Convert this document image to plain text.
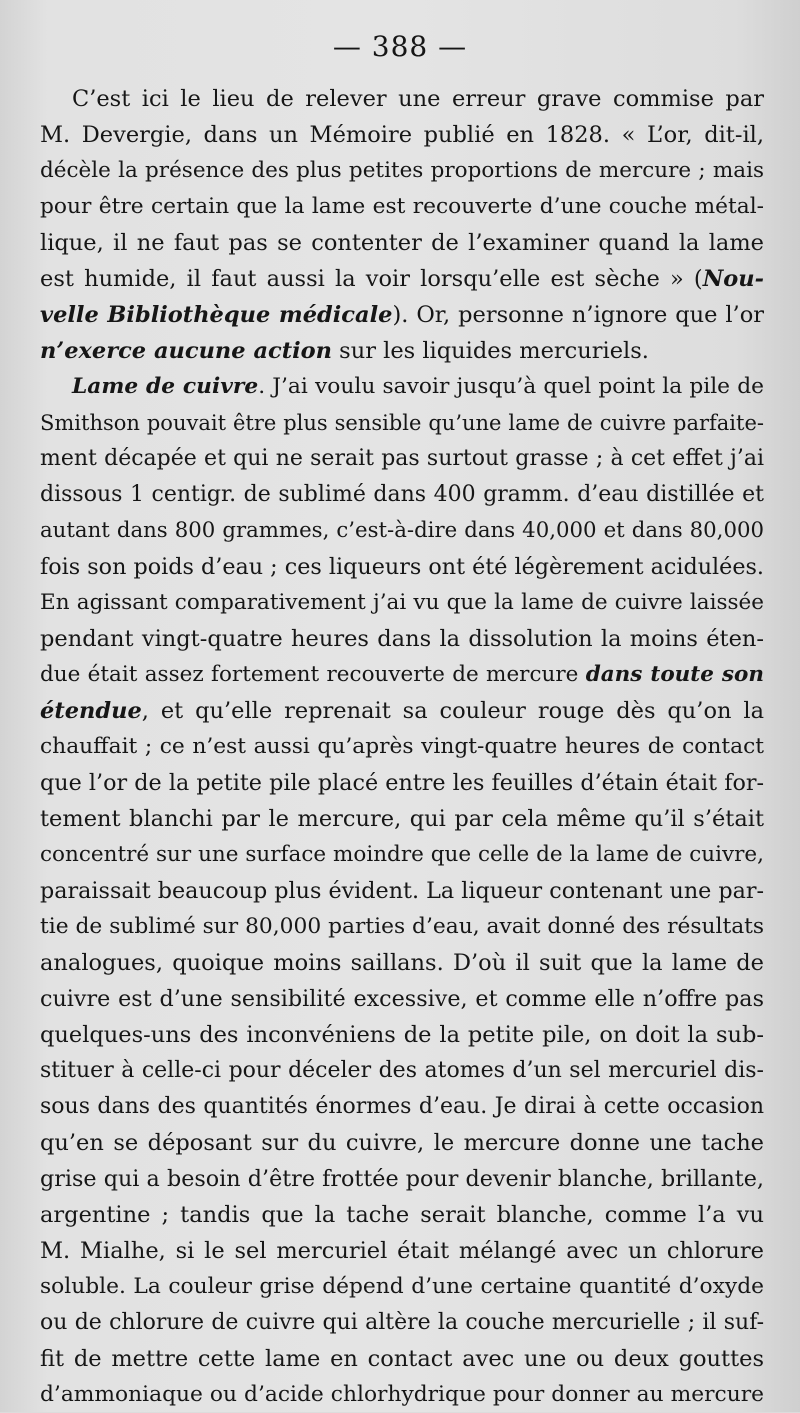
— 388 —
C’est ici le lieu de relever une erreur grave commise par
M. Devergie, dans un Mémoire publié en 1828. « L’or, dit-il,
décèle la présence des plus petites proportions de mercure ; mais
pour être certain que la lame est recouverte d’une couche métal-
lique, il ne faut pas se contenter de l’examiner quand la lame
est humide, il faut aussi la voir lorsqu’elle est sèche » (Nou-
velle Bibliothèque médicale). Or, personne n’ignore que l’or
n’exerce aucune action sur les liquides mercuriels.
Lame de cuivre. J’ai voulu savoir jusqu’à quel point la pile de
Smithson pouvait être plus sensible qu’une lame de cuivre parfaite-
ment décapée et qui ne serait pas surtout grasse ; à cet effet j’ai
dissous 1 centigr. de sublimé dans 400 gramm. d’eau distillée et
autant dans 800 grammes, c’est-à-dire dans 40,000 et dans 80,000
fois son poids d’eau ; ces liqueurs ont été légèrement acidulées.
En agissant comparativement j’ai vu que la lame de cuivre laissée
pendant vingt-quatre heures dans la dissolution la moins éten-
due était assez fortement recouverte de mercure dans toute son
étendue, et qu’elle reprenait sa couleur rouge dès qu’on la
chauffait ; ce n’est aussi qu’après vingt-quatre heures de contact
que l’or de la petite pile placé entre les feuilles d’étain était for-
tement blanchi par le mercure, qui par cela même qu’il s’était
concentré sur une surface moindre que celle de la lame de cuivre,
paraissait beaucoup plus évident. La liqueur contenant une par-
tie de sublimé sur 80,000 parties d’eau, avait donné des résultats
analogues, quoique moins saillans. D’où il suit que la lame de
cuivre est d’une sensibilité excessive, et comme elle n’offre pas
quelques-uns des inconvéniens de la petite pile, on doit la sub-
stituer à celle-ci pour déceler des atomes d’un sel mercuriel dis-
sous dans des quantités énormes d’eau. Je dirai à cette occasion
qu’en se déposant sur du cuivre, le mercure donne une tache
grise qui a besoin d’être frottée pour devenir blanche, brillante,
argentine ; tandis que la tache serait blanche, comme l’a vu
M. Mialhe, si le sel mercuriel était mélangé avec un chlorure
soluble. La couleur grise dépend d’une certaine quantité d’oxyde
ou de chlorure de cuivre qui altère la couche mercurielle ; il suf-
fit de mettre cette lame en contact avec une ou deux gouttes
d’ammoniaque ou d’acide chlorhydrique pour donner au mercure
